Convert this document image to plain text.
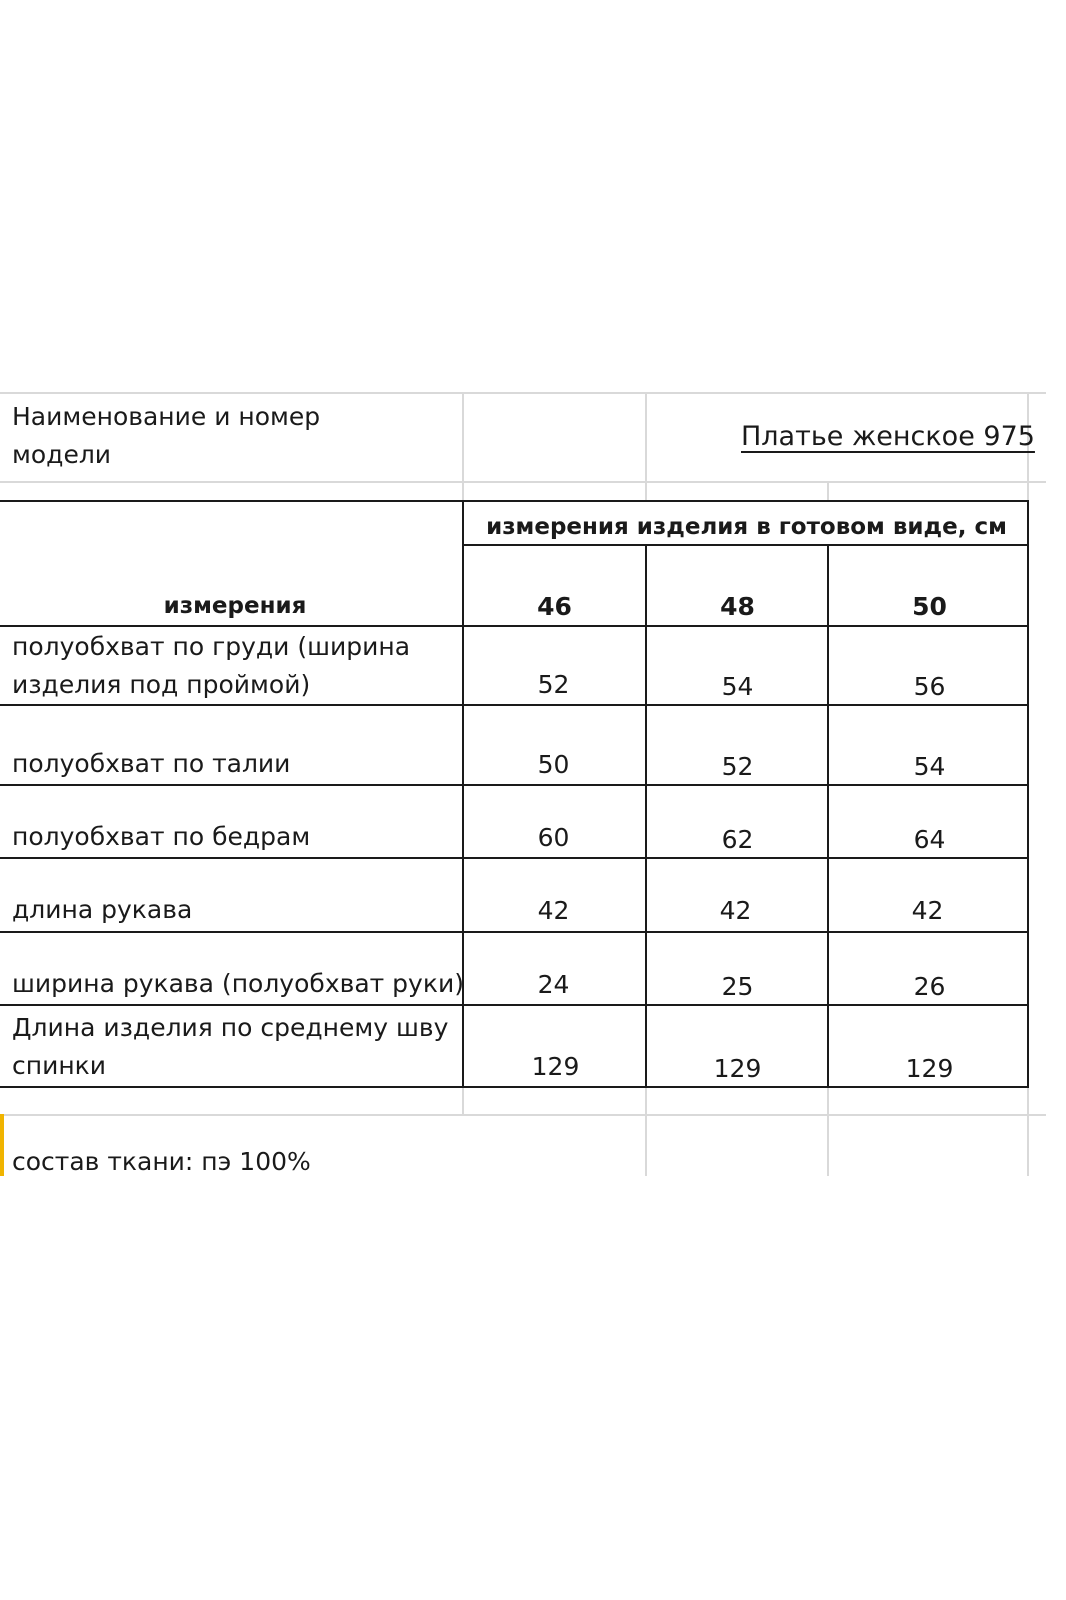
Наименование и номер
модели
Платье женское 975
измерения изделия в готовом виде, см
измерения	46	48	50
полуобхват по груди (ширина
изделия под проймой)	52	54	56
полуобхват по талии	50	52	54
полуобхват по бедрам	60	62	64
длина рукава	42	42	42
ширина рукава (полуобхват руки)	24	25	26
Длина изделия по среднему шву
спинки	129	129	129
состав ткани: пэ 100%
